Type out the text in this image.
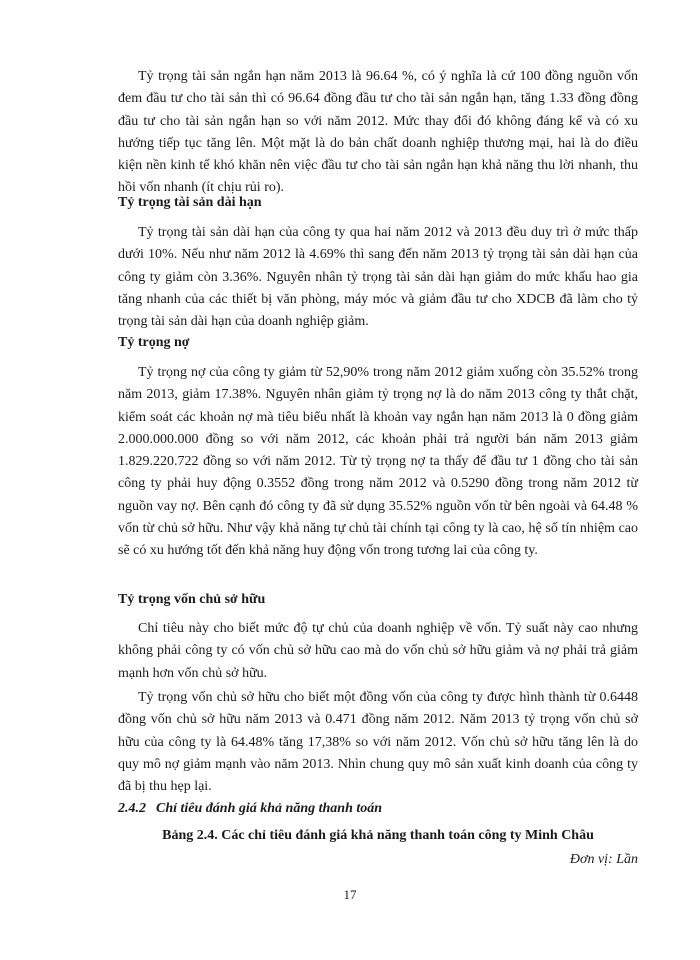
Tỷ trọng tài sản ngắn hạn năm 2013 là 96.64 %, có ý nghĩa là cứ 100 đồng nguồn vốn đem đầu tư cho tài sản thì có 96.64 đồng đầu tư cho tài sản ngắn hạn, tăng 1.33 đồng đồng đầu tư cho tài sản ngắn hạn so với năm 2012. Mức thay đổi đó không đáng kể và có xu hướng tiếp tục tăng lên. Một mặt là do bản chất doanh nghiệp thương mại, hai là do điều kiện nền kinh tế khó khăn nên việc đầu tư cho tài sản ngắn hạn khả năng thu lời nhanh, thu hồi vốn nhanh (ít chịu rủi ro).

Tỷ trọng tài sản dài hạn

Tỷ trọng tài sản dài hạn của công ty qua hai năm 2012 và 2013 đều duy trì ở mức thấp dưới 10%. Nếu như năm 2012 là 4.69% thì sang đến năm 2013 tỷ trọng tài sản dài hạn của công ty giảm còn 3.36%. Nguyên nhân tỷ trọng tài sản dài hạn giảm do mức khấu hao gia tăng nhanh của các thiết bị văn phòng, máy móc và giảm đầu tư cho XDCB đã làm cho tỷ trọng tài sản dài hạn của doanh nghiệp giảm.

Tỷ trọng nợ

Tỷ trọng nợ của công ty giảm từ 52,90% trong năm 2012 giảm xuống còn 35.52% trong năm 2013, giảm 17.38%. Nguyên nhân giảm tỷ trọng nợ là do năm 2013 công ty thắt chặt, kiểm soát các khoản nợ mà tiêu biểu nhất là khoản vay ngắn hạn năm 2013 là 0 đồng giảm 2.000.000.000 đồng so với năm 2012, các khoản phải trả người bán năm 2013 giảm 1.829.220.722 đồng so với năm 2012. Từ tỷ trọng nợ ta thấy để đầu tư 1 đồng cho tài sản công ty phải huy động 0.3552 đồng trong năm 2012 và 0.5290 đồng trong năm 2012 từ nguồn vay nợ. Bên cạnh đó công ty đã sử dụng 35.52% nguồn vốn từ bên ngoài và 64.48 % vốn từ chủ sở hữu. Như vậy khả năng tự chủ tài chính tại công ty là cao, hệ số tín nhiệm cao sẽ có xu hướng tốt đến khả năng huy động vốn trong tương lai của công ty.

Tỷ trọng vốn chủ sở hữu

Chỉ tiêu này cho biết mức độ tự chủ của doanh nghiệp về vốn. Tỷ suất này cao nhưng không phải công ty có vốn chủ sở hữu cao mà do vốn chủ sở hữu giảm và nợ phải trả giảm mạnh hơn vốn chủ sở hữu.

Tỷ trọng vốn chủ sở hữu cho biết một đồng vốn của công ty được hình thành từ 0.6448 đồng vốn chủ sở hữu năm 2013 và 0.471 đồng năm 2012. Năm 2013 tỷ trọng vốn chủ sở hữu của công ty là 64.48% tăng 17,38% so với năm 2012. Vốn chủ sở hữu tăng lên là do quy mô nợ giảm mạnh vào năm 2013. Nhìn chung quy mô sản xuất kinh doanh của công ty đã bị thu hẹp lại.

2.4.2 Chỉ tiêu đánh giá khả năng thanh toán

Bảng 2.4. Các chỉ tiêu đánh giá khả năng thanh toán công ty Minh Châu

Đơn vị: Lần

17
